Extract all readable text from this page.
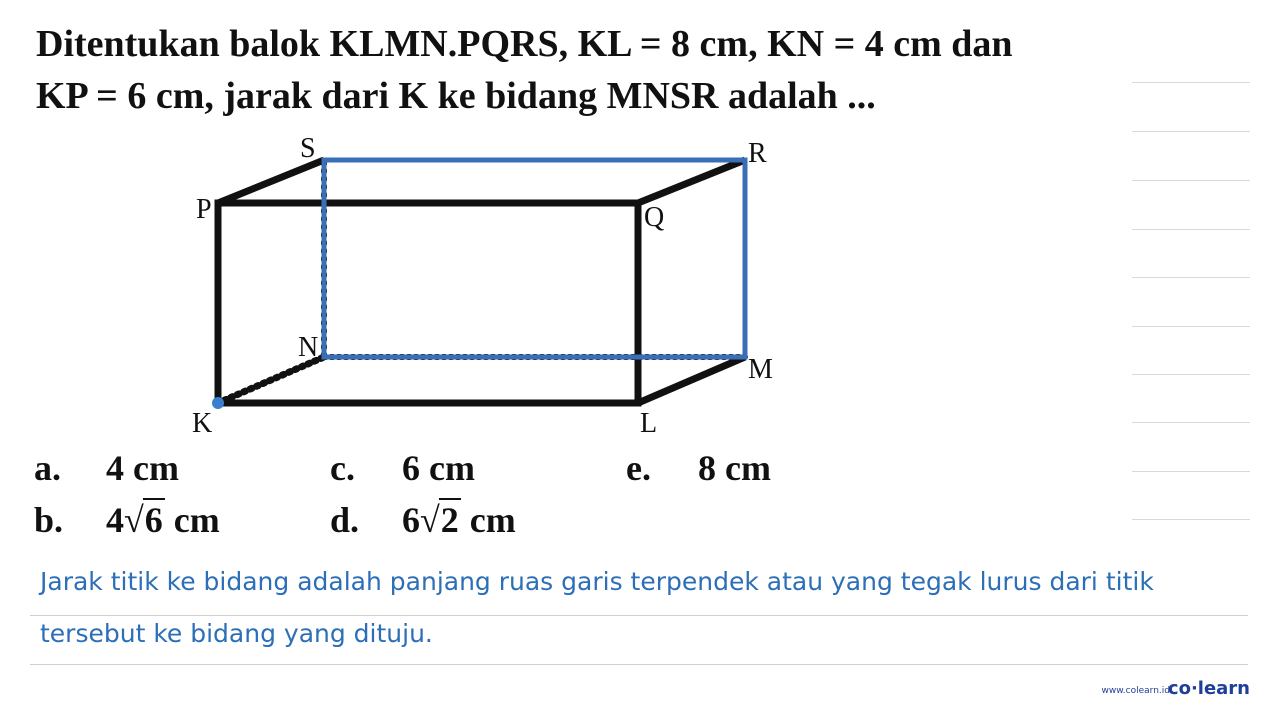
Ditentukan balok KLMN.PQRS, KL = 8 cm, KN = 4 cm dan
KP = 6 cm, jarak dari K ke bidang MNSR adalah ...
K	L
M
N
P	Q
R
S
a. 4 cm
b. 4√6 cm
c. 6 cm
d. 6√2 cm
e. 8 cm
Jarak titik ke bidang adalah panjang ruas garis terpendek atau yang tegak lurus dari titik
tersebut ke bidang yang dituju.
www.colearn.id
co·learn
